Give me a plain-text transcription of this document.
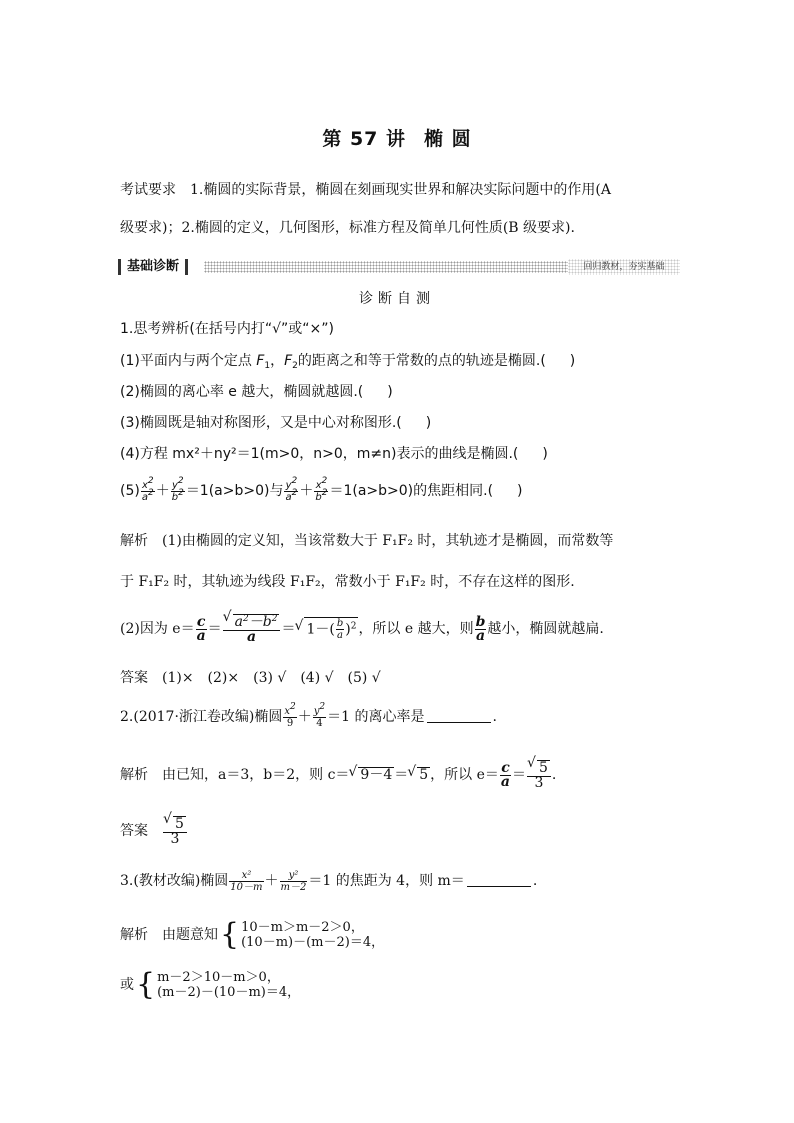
第 57 讲 椭 圆
考试要求 1.椭圆的实际背景，椭圆在刻画现实世界和解决实际问题中的作用(A
级要求)；2.椭圆的定义，几何图形，标准方程及简单几何性质(B 级要求).
基础诊断	回归教材，夯实基础
诊断自测
1.思考辨析(在括号内打“√”或“×”)
(1)平面内与两个定点 $F_1$，$F_2$的距离之和等于常数的点的轨迹是椭圆.( )
(2)椭圆的离心率 e 越大，椭圆就越圆.( )
(3)椭圆既是轴对称图形，又是中心对称图形.( )
(4)方程 mx²＋ny²＝1(m>0，n>0，m≠n)表示的曲线是椭圆.( )
$(5) \frac{x^2}{a^2} + \frac{y^2}{b^2} =1(a>b>0)$与 $\frac{y^2}{a^2} + \frac{x^2}{b^2} =1(a>b>0)$的焦距相同.( )
解析 (1)由椭圆的定义知，当该常数大于 F₁F₂ 时，其轨迹才是椭圆，而常数等
于 F₁F₂ 时，其轨迹为线段 F₁F₂，常数小于 F₁F₂ 时，不存在这样的图形.
(2)因为 $e= \frac{c}{a}$ ＝ √ $\frac{a^2-b^2}{a}$ ＝ √ $1-( \frac{b}{a} )^2$ ，所以 e 越大，则 $\frac{b}{a}$ 越小，椭圆就越扁.
答案 (1)×　(2)×　(3) √　(4) √　(5) √
2.(2017·浙江卷改编)椭圆 $\frac{x^2}{9} + \frac{y^2}{4} =1$ 的离心率是	.
解析 由已知，a＝3，b＝2，则 c＝ √ 9－4 ＝ √ 5 ，所以 $e= \frac{c}{a}$ ＝ √ $\frac{5}{3}$ .
答案 √ $\frac{5}{3}$
3.(教材改编)椭圆 $\frac{\text{x²}}{10-m} + \frac{\text{y²}}{m-2} =1$ 的焦距为 4，则 m＝	.
解析 由题意知{ 10－m＞m－2＞0，
(10－m)－(m－2)＝4，
或{ m－2＞10－m＞0，
(m－2)－(10－m)＝4，
